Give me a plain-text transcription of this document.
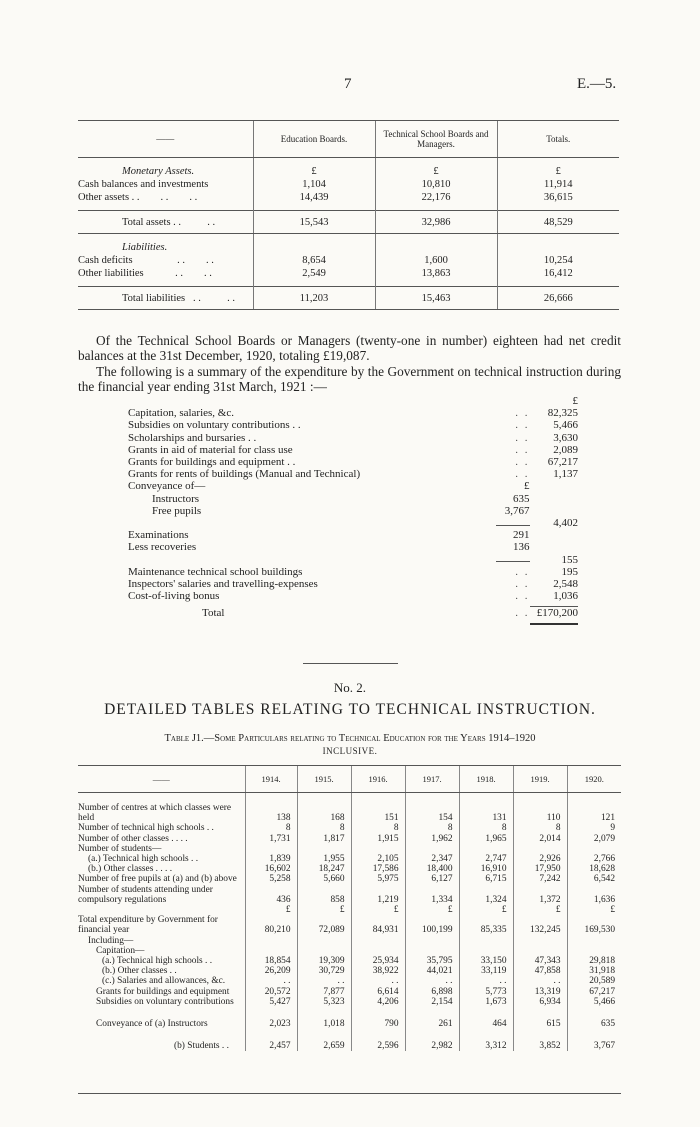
7	E.—5.
——	Education Boards.	Technical School Boards and Managers.	Totals.
Monetary Assets.	£	£	£
Cash balances and investments	1,104	10,810	11,914
Other assets . .        . .        . .	14,439	22,176	36,615
Total assets . .          . .	15,543	32,986	48,529
Liabilities.			
Cash deficits                 . .        . .	8,654	1,600	10,254
Other liabilities            . .        . .	2,549	13,863	16,412
Total liabilities   . .          . .	11,203	15,463	26,666
Of the Technical School Boards or Managers (twenty-one in number) eighteen had net credit balances at the 31st December, 1920, totaling £19,087.
The following is a summary of the expenditure by the Government on technical instruction during the financial year ending 31st March, 1921 :—
		£
Capitation, salaries, &c.	. .	82,325
Subsidies on voluntary contributions . .	. .	5,466
Scholarships and bursaries . .	. .	3,630
Grants in aid of material for class use	. .	2,089
Grants for buildings and equipment . .	. .	67,217
Grants for rents of buildings (Manual and Technical)	. .	1,137
Conveyance of—	£	
Instructors	635	
Free pupils	3,767	

	4,402
Examinations	291	
Less recoveries	136	

	155
Maintenance technical school buildings	. .	195
Inspectors' salaries and travelling-expenses	. .	2,548
Cost-of-living bonus	. .	1,036

Total	. .	£170,200

No. 2.
DETAILED TABLES RELATING TO TECHNICAL INSTRUCTION.
Table J1.—Some Particulars relating to Technical Education for the Years 1914–1920
INCLUSIVE.
——	1914.	1915.	1916.	1917.	1918.	1919.	1920.
Number of centres at which classes were held	138	168	151	154	131	110	121
Number of technical high schools . .	8	8	8	8	8	8	9
Number of other classes . . . .	1,731	1,817	1,915	1,962	1,965	2,014	2,079
Number of students—							
(a.) Technical high schools . .	1,839	1,955	2,105	2,347	2,747	2,926	2,766
(b.) Other classes . . . .	16,602	18,247	17,586	18,400	16,910	17,950	18,628
Number of free pupils at (a) and (b) above	5,258	5,660	5,975	6,127	6,715	7,242	6,542
Number of students attending under compulsory regulations	436	858	1,219	1,334	1,324	1,372	1,636
	£	£	£	£	£	£	£
Total expenditure by Government for financial year	80,210	72,089	84,931	100,199	85,335	132,245	169,530
Including—							
Capitation—							
(a.) Technical high schools . .	18,854	19,309	25,934	35,795	33,150	47,343	29,818
(b.) Other classes . .	26,209	30,729	38,922	44,021	33,119	47,858	31,918
(c.) Salaries and allowances, &c.	. .	. .	. .	. .	. .	. .	20,589
Grants for buildings and equipment	20,572	7,877	6,614	6,898	5,773	13,319	67,217
Subsidies on voluntary contributions	5,427	5,323	4,206	2,154	1,673	6,934	5,466
Conveyance of (a) Instructors	2,023	1,018	790	261	464	615	635
(b) Students . .	2,457	2,659	2,596	2,982	3,312	3,852	3,767
